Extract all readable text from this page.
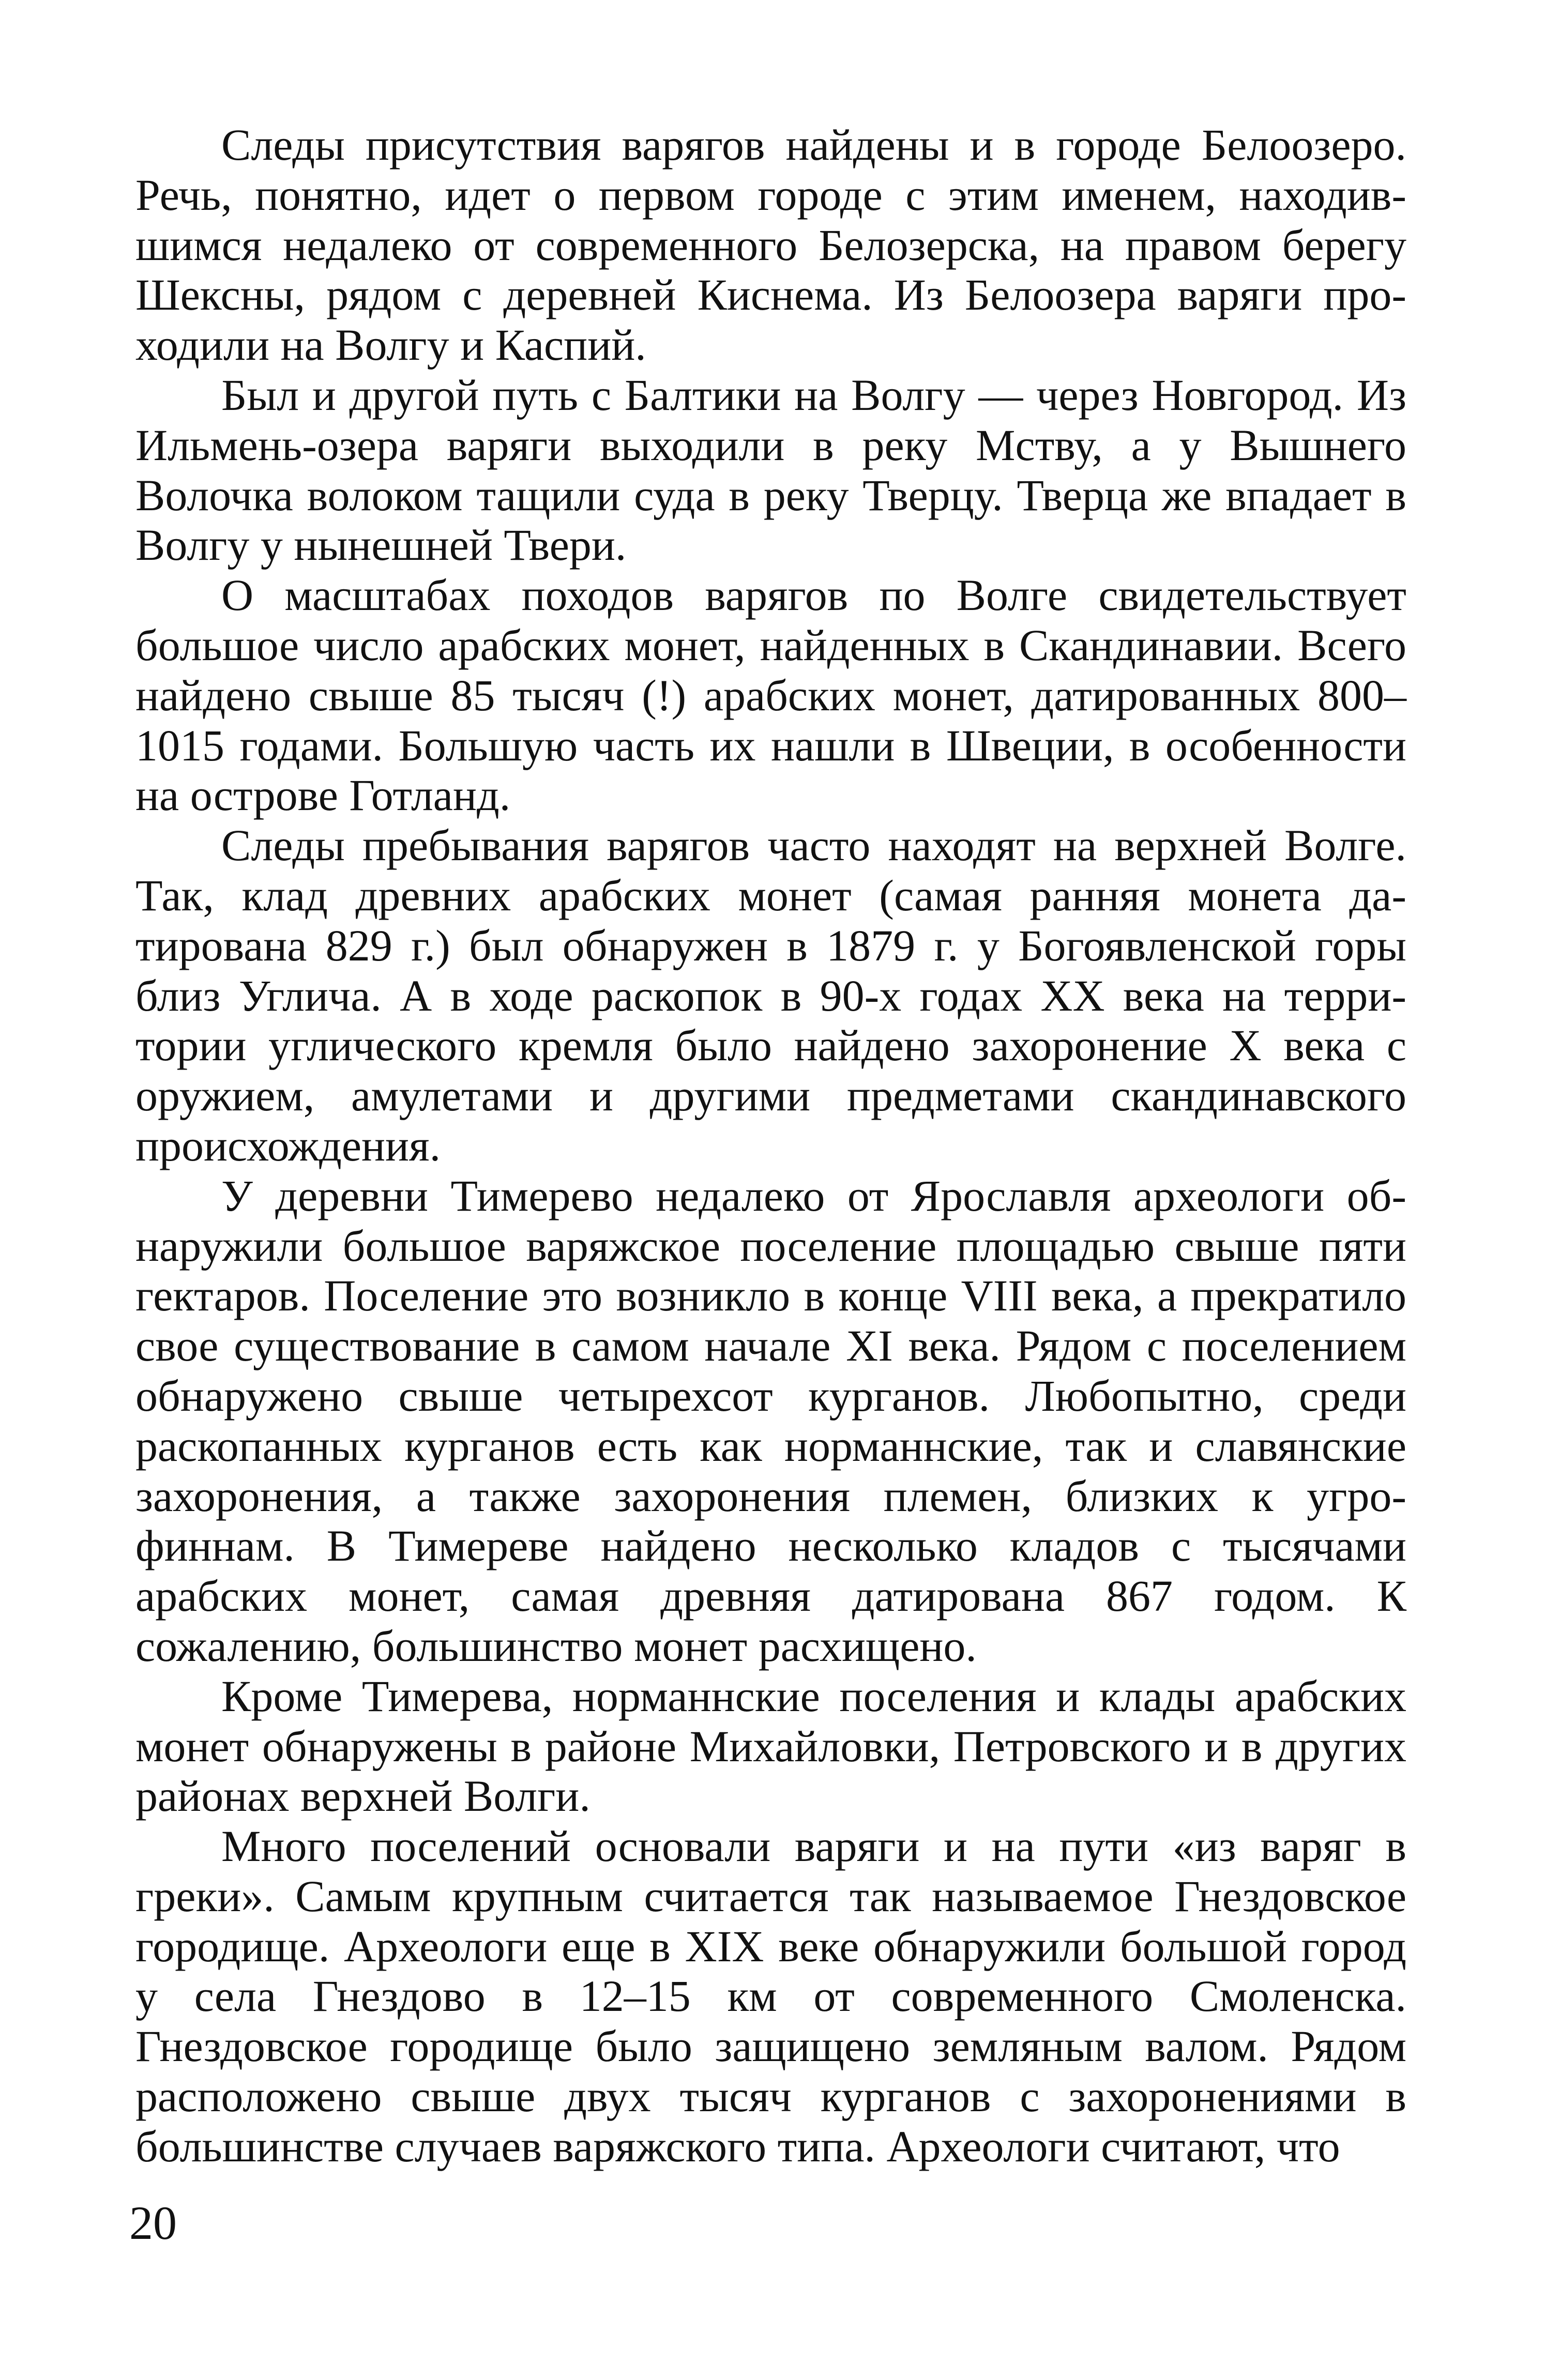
Следы присутствия варягов найдены и в городе Белоозеро. Речь, понятно, идет о первом городе с этим именем, находившимся недалеко от современного Белозерска, на правом берегу Шексны, рядом с деревней Киснема. Из Белоозера варяги проходили на Волгу и Каспий.

Был и другой путь с Балтики на Волгу — через Новгород. Из Ильмень-озера варяги выходили в реку Мству, а у Вышнего Волочка волоком тащили суда в реку Тверцу. Тверца же впадает в Волгу у нынешней Твери.

О масштабах походов варягов по Волге свидетельствует большое число арабских монет, найденных в Скандинавии. Всего найдено свыше 85 тысяч (!) арабских монет, датированных 800–1015 годами. Большую часть их нашли в Швеции, в особенности на острове Готланд.

Следы пребывания варягов часто находят на верхней Волге. Так, клад древних арабских монет (самая ранняя монета датирована 829 г.) был обнаружен в 1879 г. у Богоявленской горы близ Углича. А в ходе раскопок в 90-х годах XX века на территории углического кремля было найдено захоронение X века с оружием, амулетами и другими предметами скандинавского происхождения.

У деревни Тимерево недалеко от Ярославля археологи обнаружили большое варяжское поселение площадью свыше пяти гектаров. Поселение это возникло в конце VIII века, а прекратило свое существование в самом начале XI века. Рядом с поселением обнаружено свыше четырехсот курганов. Любопытно, среди раскопанных курганов есть как норманнские, так и славянские захоронения, а также захоронения племен, близких к угро-финнам. В Тимереве найдено несколько кладов с тысячами арабских монет, самая древняя датирована 867 годом. К сожалению, большинство монет расхищено.

Кроме Тимерева, норманнские поселения и клады арабских монет обнаружены в районе Михайловки, Петровского и в других районах верхней Волги.

Много поселений основали варяги и на пути «из варяг в греки». Самым крупным считается так называемое Гнездовское городище. Археологи еще в XIX веке обнаружили большой город у села Гнездово в 12–15 км от современного Смоленска. Гнездовское городище было защищено земляным валом. Рядом расположено свыше двух тысяч курганов с захоронениями в большинстве случаев варяжского типа. Археологи считают, что

20
